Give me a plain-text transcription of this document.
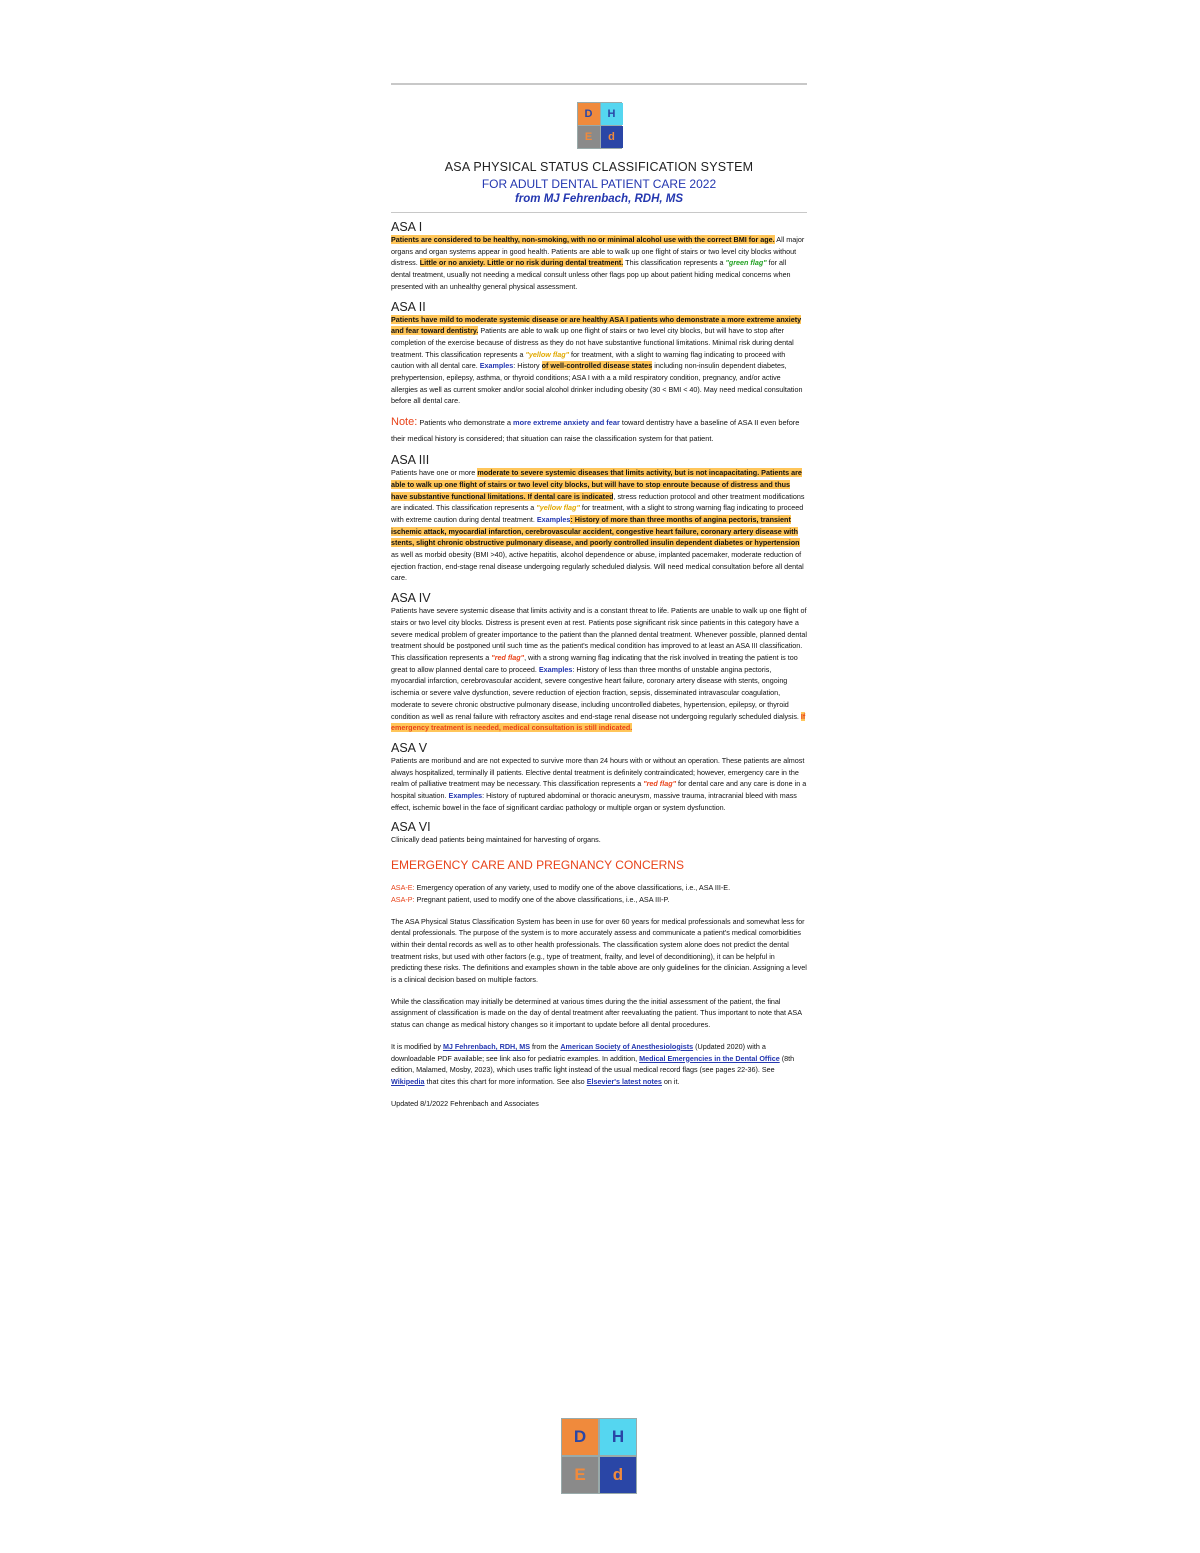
D	H
E	d
ASA PHYSICAL STATUS CLASSIFICATION SYSTEM
FOR ADULT DENTAL PATIENT CARE 2022
from MJ Fehrenbach, RDH, MS
ASA I

Patients are considered to be healthy, non-smoking, with no or minimal alcohol use with the correct BMI for age. All major organs and organ systems appear in good health. Patients are able to walk up one flight of stairs or two level city blocks without distress. Little or no anxiety. Little or no risk during dental treatment. This classification represents a "green flag" for all dental treatment, usually not needing a medical consult unless other flags pop up about patient hiding medical concerns when presented with an unhealthy general physical assessment.

ASA II

Patients have mild to moderate systemic disease or are healthy ASA I patients who demonstrate a more extreme anxiety and fear toward dentistry. Patients are able to walk up one flight of stairs or two level city blocks, but will have to stop after completion of the exercise because of distress as they do not have substantive functional limitations. Minimal risk during dental treatment. This classification represents a "yellow flag" for treatment, with a slight to warning flag indicating to proceed with caution with all dental care. Examples: History of well-controlled disease states including non-insulin dependent diabetes, prehypertension, epilepsy, asthma, or thyroid conditions; ASA I with a a mild respiratory condition, pregnancy, and/or active allergies as well as current smoker and/or social alcohol drinker including obesity (30 < BMI < 40). May need medical consultation before all dental care.

Note: Patients who demonstrate a more extreme anxiety and fear toward dentistry have a baseline of ASA II even before their medical history is considered; that situation can raise the classification system for that patient.

ASA III

Patients have one or more moderate to severe systemic diseases that limits activity, but is not incapacitating. Patients are able to walk up one flight of stairs or two level city blocks, but will have to stop enroute because of distress and thus have substantive functional limitations. If dental care is indicated, stress reduction protocol and other treatment modifications are indicated. This classification represents a "yellow flag" for treatment, with a slight to strong warning flag indicating to proceed with extreme caution during dental treatment. Examples: History of more than three months of angina pectoris, transient ischemic attack, myocardial infarction, cerebrovascular accident, congestive heart failure, coronary artery disease with stents, slight chronic obstructive pulmonary disease, and poorly controlled insulin dependent diabetes or hypertension as well as morbid obesity (BMI >40), active hepatitis, alcohol dependence or abuse, implanted pacemaker, moderate reduction of ejection fraction, end-stage renal disease undergoing regularly scheduled dialysis. Will need medical consultation before all dental care.

ASA IV

Patients have severe systemic disease that limits activity and is a constant threat to life. Patients are unable to walk up one flight of stairs or two level city blocks. Distress is present even at rest. Patients pose significant risk since patients in this category have a severe medical problem of greater importance to the patient than the planned dental treatment. Whenever possible, planned dental treatment should be postponed until such time as the patient's medical condition has improved to at least an ASA III classification. This classification represents a "red flag", with a strong warning flag indicating that the risk involved in treating the patient is too great to allow planned dental care to proceed. Examples: History of less than three months of unstable angina pectoris, myocardial infarction, cerebrovascular accident, severe congestive heart failure, coronary artery disease with stents, ongoing ischemia or severe valve dysfunction, severe reduction of ejection fraction, sepsis, disseminated intravascular coagulation, moderate to severe chronic obstructive pulmonary disease, including uncontrolled diabetes, hypertension, epilepsy, or thyroid condition as well as renal failure with refractory ascites and end-stage renal disease not undergoing regularly scheduled dialysis. If emergency treatment is needed, medical consultation is still indicated.

ASA V

Patients are moribund and are not expected to survive more than 24 hours with or without an operation. These patients are almost always hospitalized, terminally ill patients. Elective dental treatment is definitely contraindicated; however, emergency care in the realm of palliative treatment may be necessary. This classification represents a "red flag" for dental care and any care is done in a hospital situation. Examples: History of ruptured abdominal or thoracic aneurysm, massive trauma, intracranial bleed with mass effect, ischemic bowel in the face of significant cardiac pathology or multiple organ or system dysfunction.

ASA VI

Clinically dead patients being maintained for harvesting of organs.

EMERGENCY CARE AND PREGNANCY CONCERNS

ASA-E: Emergency operation of any variety, used to modify one of the above classifications, i.e., ASA III-E.

ASA-P: Pregnant patient, used to modify one of the above classifications, i.e., ASA III-P.

The ASA Physical Status Classification System has been in use for over 60 years for medical professionals and somewhat less for dental professionals. The purpose of the system is to more accurately assess and communicate a patient's medical comorbidities within their dental records as well as to other health professionals. The classification system alone does not predict the dental treatment risks, but used with other factors (e.g., type of treatment, frailty, and level of deconditioning), it can be helpful in predicting these risks. The definitions and examples shown in the table above are only guidelines for the clinician. Assigning a level is a clinical decision based on multiple factors.

While the classification may initially be determined at various times during the the initial assessment of the patient, the final assignment of classification is made on the day of dental treatment after reevaluating the patient. Thus important to note that ASA status can change as medical history changes so it important to update before all dental procedures.

It is modified by MJ Fehrenbach, RDH, MS from the American Society of Anesthesiologists (Updated 2020) with a downloadable PDF available; see link also for pediatric examples. In addition, Medical Emergencies in the Dental Office (8th edition, Malamed, Mosby, 2023), which uses traffic light instead of the usual medical record flags (see pages 22-36). See Wikipedia that cites this chart for more information. See also Elsevier's latest notes on it.

Updated 8/1/2022 Fehrenbach and Associates

D	H
E	d
